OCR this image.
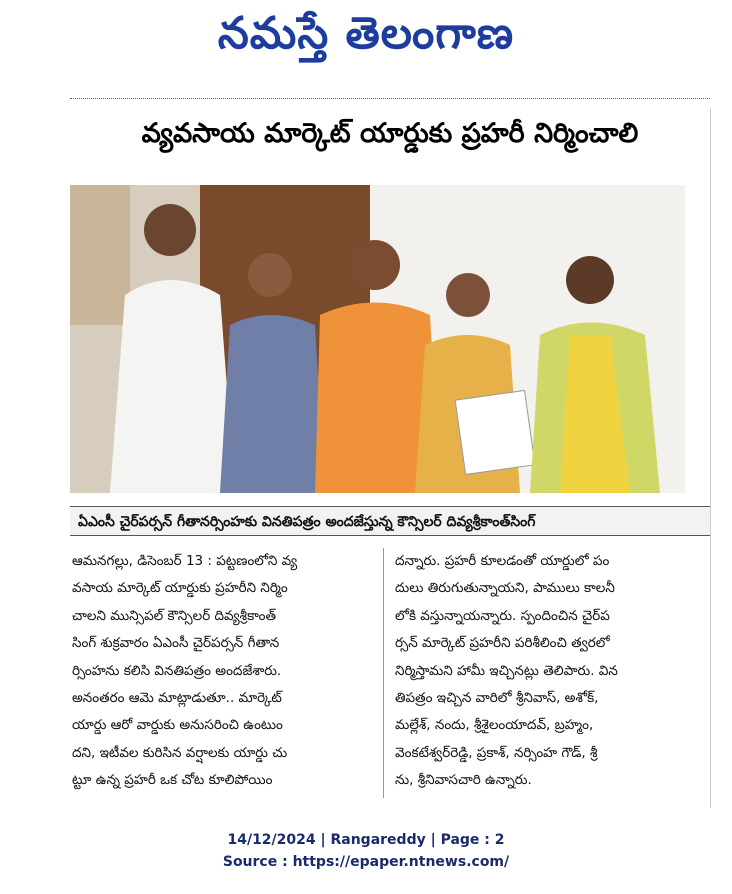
నమస్తే తెలంగాణ
వ్యవసాయ మార్కెట్ యార్డుకు ప్రహరీ నిర్మించాలి
ఏఎంసీ చైర్‌పర్సన్ గీతానర్సింహకు వినతిపత్రం అందజేస్తున్న కౌన్సిలర్ దివ్యశ్రీకాంత్‌సింగ్
ఆమనగల్లు, డిసెంబర్ 13 : పట్టణంలోని వ్య
వసాయ మార్కెట్ యార్డుకు ప్రహరీని నిర్మిం
చాలని మున్సిపల్ కౌన్సిలర్ దివ్యశ్రీకాంత్
సింగ్ శుక్రవారం ఏఎంసీ చైర్‌పర్సన్ గీతాన
ర్సింహను కలిసి వినతిపత్రం అందజేశారు.
అనంతరం ఆమె మాట్లాడుతూ.. మార్కెట్
యార్డు ఆరో వార్డుకు అనుసరించి ఉంటుం
దని, ఇటీవల కురిసిన వర్షాలకు యార్డు చు
ట్టూ ఉన్న ప్రహరీ ఒక చోట కూలిపోయిం
దన్నారు. ప్రహరీ కూలడంతో యార్డులో పం
దులు తిరుగుతున్నాయని, పాములు కాలనీ
లోకి వస్తున్నాయన్నారు. స్పందించిన చైర్‌ప
ర్సన్ మార్కెట్ ప్రహరీని పరిశీలించి త్వరలో
నిర్మిస్తామని హామీ ఇచ్చినట్లు తెలిపారు. విన
తిపత్రం ఇచ్చిన వారిలో శ్రీనివాస్, అశోక్,
మల్లేశ్, నందు, శ్రీశైలంయాదవ్, బ్రహ్మం,
వెంకటేశ్వర్‌రెడ్డి, ప్రకాశ్, నర్సింహ గౌడ్, శ్రీ
ను, శ్రీనివాసచారి ఉన్నారు.
14/12/2024 | Rangareddy | Page : 2
Source : https://epaper.ntnews.com/
